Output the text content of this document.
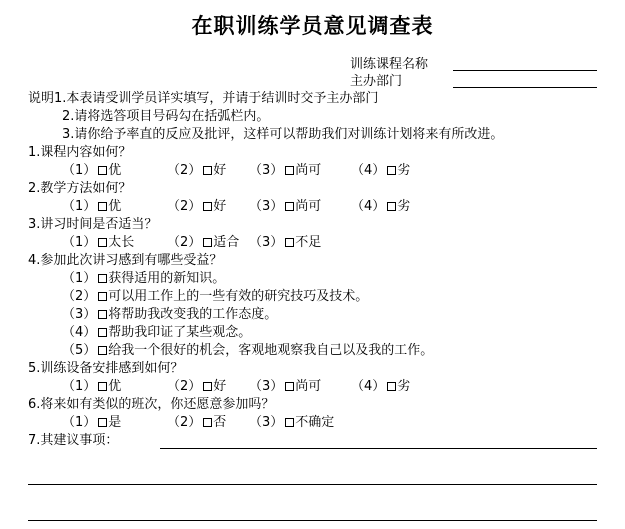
在职训练学员意见调查表
训练课程名称
主办部门
说明1.本表请受训学员详实填写，并请于结训时交予主办部门
2.请将选答项目号码勾在括弧栏内。
3.请你给予率直的反应及批评，这样可以帮助我们对训练计划将来有所改进。
1.课程内容如何？
（1） 优	（2） 好 （3） 尚可 （4） 劣
2.教学方法如何？
（1） 优	（2） 好 （3） 尚可 （4） 劣
3.讲习时间是否适当？
（1） 太长	（2） 适合 （3） 不足
4.参加此次讲习感到有哪些受益？
（1） 获得适用的新知识。
（2） 可以用工作上的一些有效的研究技巧及技术。
（3） 将帮助我改变我的工作态度。
（4） 帮助我印证了某些观念。
（5） 给我一个很好的机会，客观地观察我自己以及我的工作。
5.训练设备安排感到如何？
（1） 优	（2） 好 （3） 尚可 （4） 劣
6.将来如有类似的班次，你还愿意参加吗？
（1） 是	（2） 否 （3） 不确定
7.其建议事项：
